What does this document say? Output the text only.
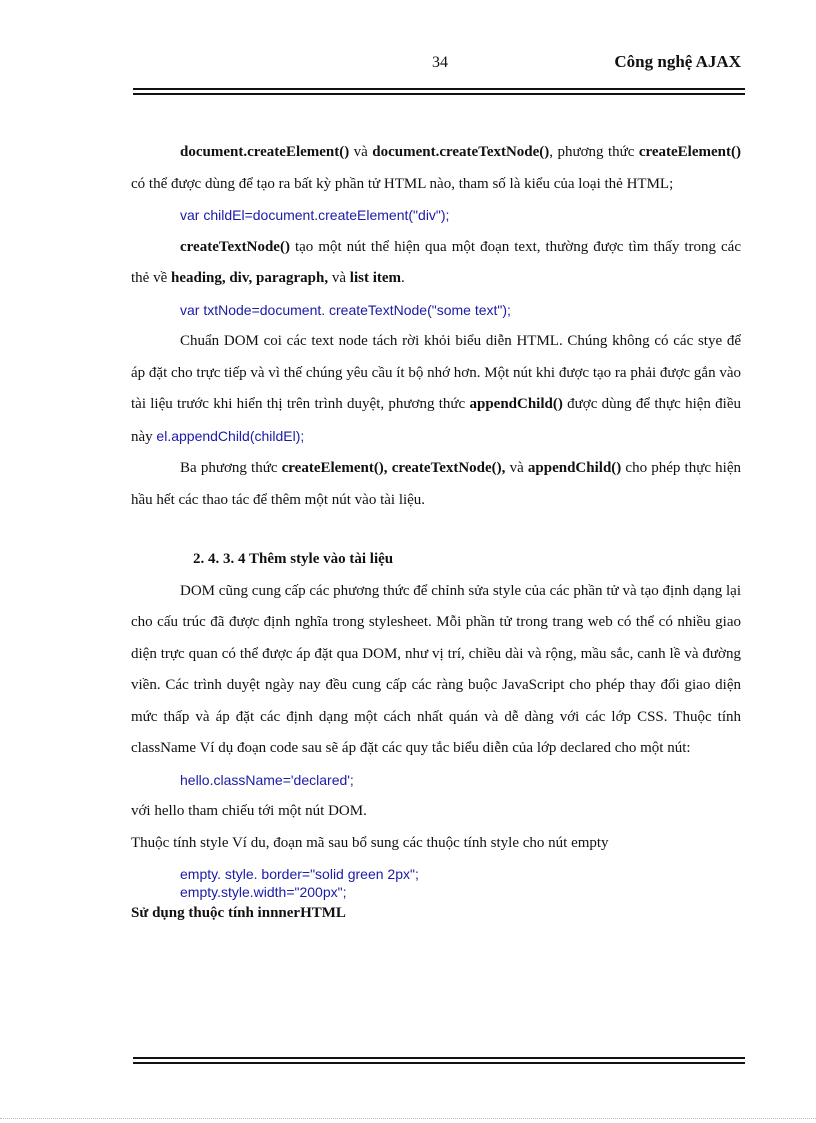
34	Công nghệ AJAX

document.createElement() và document.createTextNode(), phương thức createElement() có thể được dùng để tạo ra bất kỳ phần tử HTML nào, tham số là kiểu của loại thẻ HTML;

var childEl=document.createElement("div");

createTextNode() tạo một nút thể hiện qua một đoạn text, thường được tìm thấy trong các thẻ về heading, div, paragraph, và list item.

var txtNode=document. createTextNode("some text");

Chuẩn DOM coi các text node tách rời khỏi biểu diễn HTML. Chúng không có các stye để áp đặt cho trực tiếp và vì thế chúng yêu cầu ít bộ nhớ hơn. Một nút khi được tạo ra phải được gắn vào tài liệu trước khi hiển thị trên trình duyệt, phương thức appendChild() được dùng để thực hiện điều này el.appendChild(childEl);

Ba phương thức createElement(), createTextNode(), và appendChild() cho phép thực hiện hầu hết các thao tác để thêm một nút vào tài liệu.

2. 4. 3. 4 Thêm style vào tài liệu

DOM cũng cung cấp các phương thức để chỉnh sửa style của các phần tử và tạo định dạng lại cho cấu trúc đã được định nghĩa trong stylesheet. Mỗi phần tử trong trang web có thể có nhiều giao diện trực quan có thể được áp đặt qua DOM, như vị trí, chiều dài và rộng, mầu sắc, canh lề và đường viền. Các trình duyệt ngày nay đều cung cấp các ràng buộc JavaScript cho phép thay đổi giao diện mức thấp và áp đặt các định dạng một cách nhất quán và dễ dàng với các lớp CSS. Thuộc tính className Ví dụ đoạn code sau sẽ áp đặt các quy tắc biểu diễn của lớp declared cho một nút:

hello.className='declared';

với hello tham chiếu tới một nút DOM.

Thuộc tính style Ví du, đoạn mã sau bổ sung các thuộc tính style cho nút empty

empty. style. border="solid green 2px";

empty.style.width="200px";

Sử dụng thuộc tính innnerHTML
